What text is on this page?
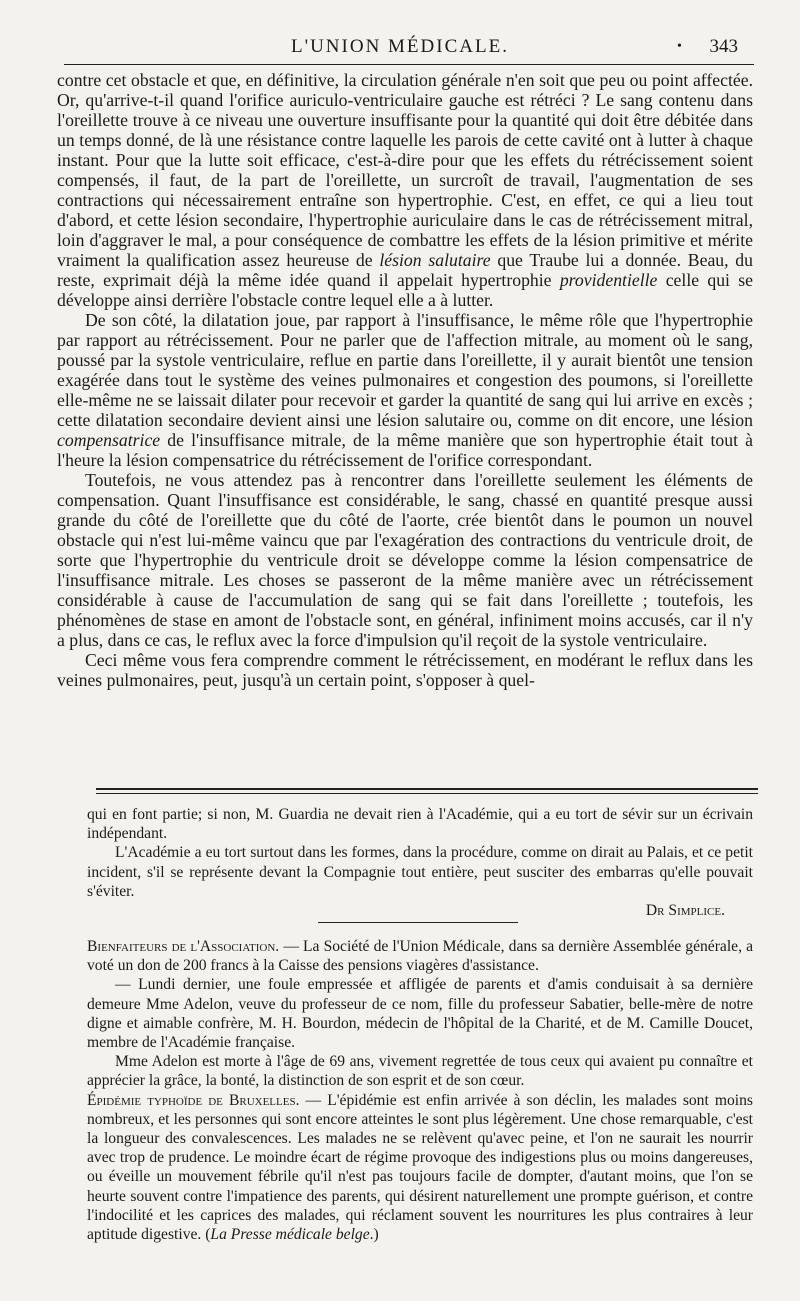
L'UNION MÉDICALE.	• 343

contre cet obstacle et que, en définitive, la circulation générale n'en soit que peu ou point affectée. Or, qu'arrive-t-il quand l'orifice auriculo-ventriculaire gauche est rétréci ? Le sang contenu dans l'oreillette trouve à ce niveau une ouverture insuffisante pour la quantité qui doit être débitée dans un temps donné, de là une résistance contre laquelle les parois de cette cavité ont à lutter à chaque instant. Pour que la lutte soit efficace, c'est-à-dire pour que les effets du rétrécissement soient compensés, il faut, de la part de l'oreillette, un surcroît de travail, l'augmentation de ses contractions qui nécessairement entraîne son hypertrophie. C'est, en effet, ce qui a lieu tout d'abord, et cette lésion secondaire, l'hypertrophie auriculaire dans le cas de rétrécissement mitral, loin d'aggraver le mal, a pour conséquence de combattre les effets de la lésion primitive et mérite vraiment la qualification assez heureuse de lésion salutaire que Traube lui a donnée. Beau, du reste, exprimait déjà la même idée quand il appelait hypertrophie providentielle celle qui se développe ainsi derrière l'obstacle contre lequel elle a à lutter.

De son côté, la dilatation joue, par rapport à l'insuffisance, le même rôle que l'hypertrophie par rapport au rétrécissement. Pour ne parler que de l'affection mitrale, au moment où le sang, poussé par la systole ventriculaire, reflue en partie dans l'oreillette, il y aurait bientôt une tension exagérée dans tout le système des veines pulmonaires et congestion des poumons, si l'oreillette elle-même ne se laissait dilater pour recevoir et garder la quantité de sang qui lui arrive en excès ; cette dilatation secondaire devient ainsi une lésion salutaire ou, comme on dit encore, une lésion compensatrice de l'insuffisance mitrale, de la même manière que son hypertrophie était tout à l'heure la lésion compensatrice du rétrécissement de l'orifice correspondant.

Toutefois, ne vous attendez pas à rencontrer dans l'oreillette seulement les éléments de compensation. Quant l'insuffisance est considérable, le sang, chassé en quantité presque aussi grande du côté de l'oreillette que du côté de l'aorte, crée bientôt dans le poumon un nouvel obstacle qui n'est lui-même vaincu que par l'exagération des contractions du ventricule droit, de sorte que l'hypertrophie du ventricule droit se développe comme la lésion compensatrice de l'insuffisance mitrale. Les choses se passeront de la même manière avec un rétrécissement considérable à cause de l'accumulation de sang qui se fait dans l'oreillette ; toutefois, les phénomènes de stase en amont de l'obstacle sont, en général, infiniment moins accusés, car il n'y a plus, dans ce cas, le reflux avec la force d'impulsion qu'il reçoit de la systole ventriculaire.

Ceci même vous fera comprendre comment le rétrécissement, en modérant le reflux dans les veines pulmonaires, peut, jusqu'à un certain point, s'opposer à quel-

qui en font partie; si non, M. Guardia ne devait rien à l'Académie, qui a eu tort de sévir sur un écrivain indépendant.

L'Académie a eu tort surtout dans les formes, dans la procédure, comme on dirait au Palais, et ce petit incident, s'il se représente devant la Compagnie tout entière, peut susciter des embarras qu'elle pouvait s'éviter.

Dr Simplice.

Bienfaiteurs de l'Association. — La Société de l'Union Médicale, dans sa dernière Assemblée générale, a voté un don de 200 francs à la Caisse des pensions viagères d'assistance.

— Lundi dernier, une foule empressée et affligée de parents et d'amis conduisait à sa dernière demeure Mme Adelon, veuve du professeur de ce nom, fille du professeur Sabatier, belle-mère de notre digne et aimable confrère, M. H. Bourdon, médecin de l'hôpital de la Charité, et de M. Camille Doucet, membre de l'Académie française.

Mme Adelon est morte à l'âge de 69 ans, vivement regrettée de tous ceux qui avaient pu connaître et apprécier la grâce, la bonté, la distinction de son esprit et de son cœur.

Épidémie typhoïde de Bruxelles. — L'épidémie est enfin arrivée à son déclin, les malades sont moins nombreux, et les personnes qui sont encore atteintes le sont plus légèrement. Une chose remarquable, c'est la longueur des convalescences. Les malades ne se relèvent qu'avec peine, et l'on ne saurait les nourrir avec trop de prudence. Le moindre écart de régime provoque des indigestions plus ou moins dangereuses, ou éveille un mouvement fébrile qu'il n'est pas toujours facile de dompter, d'autant moins, que l'on se heurte souvent contre l'impatience des parents, qui désirent naturellement une prompte guérison, et contre l'indocilité et les caprices des malades, qui réclament souvent les nourritures les plus contraires à leur aptitude digestive. (La Presse médicale belge.)
